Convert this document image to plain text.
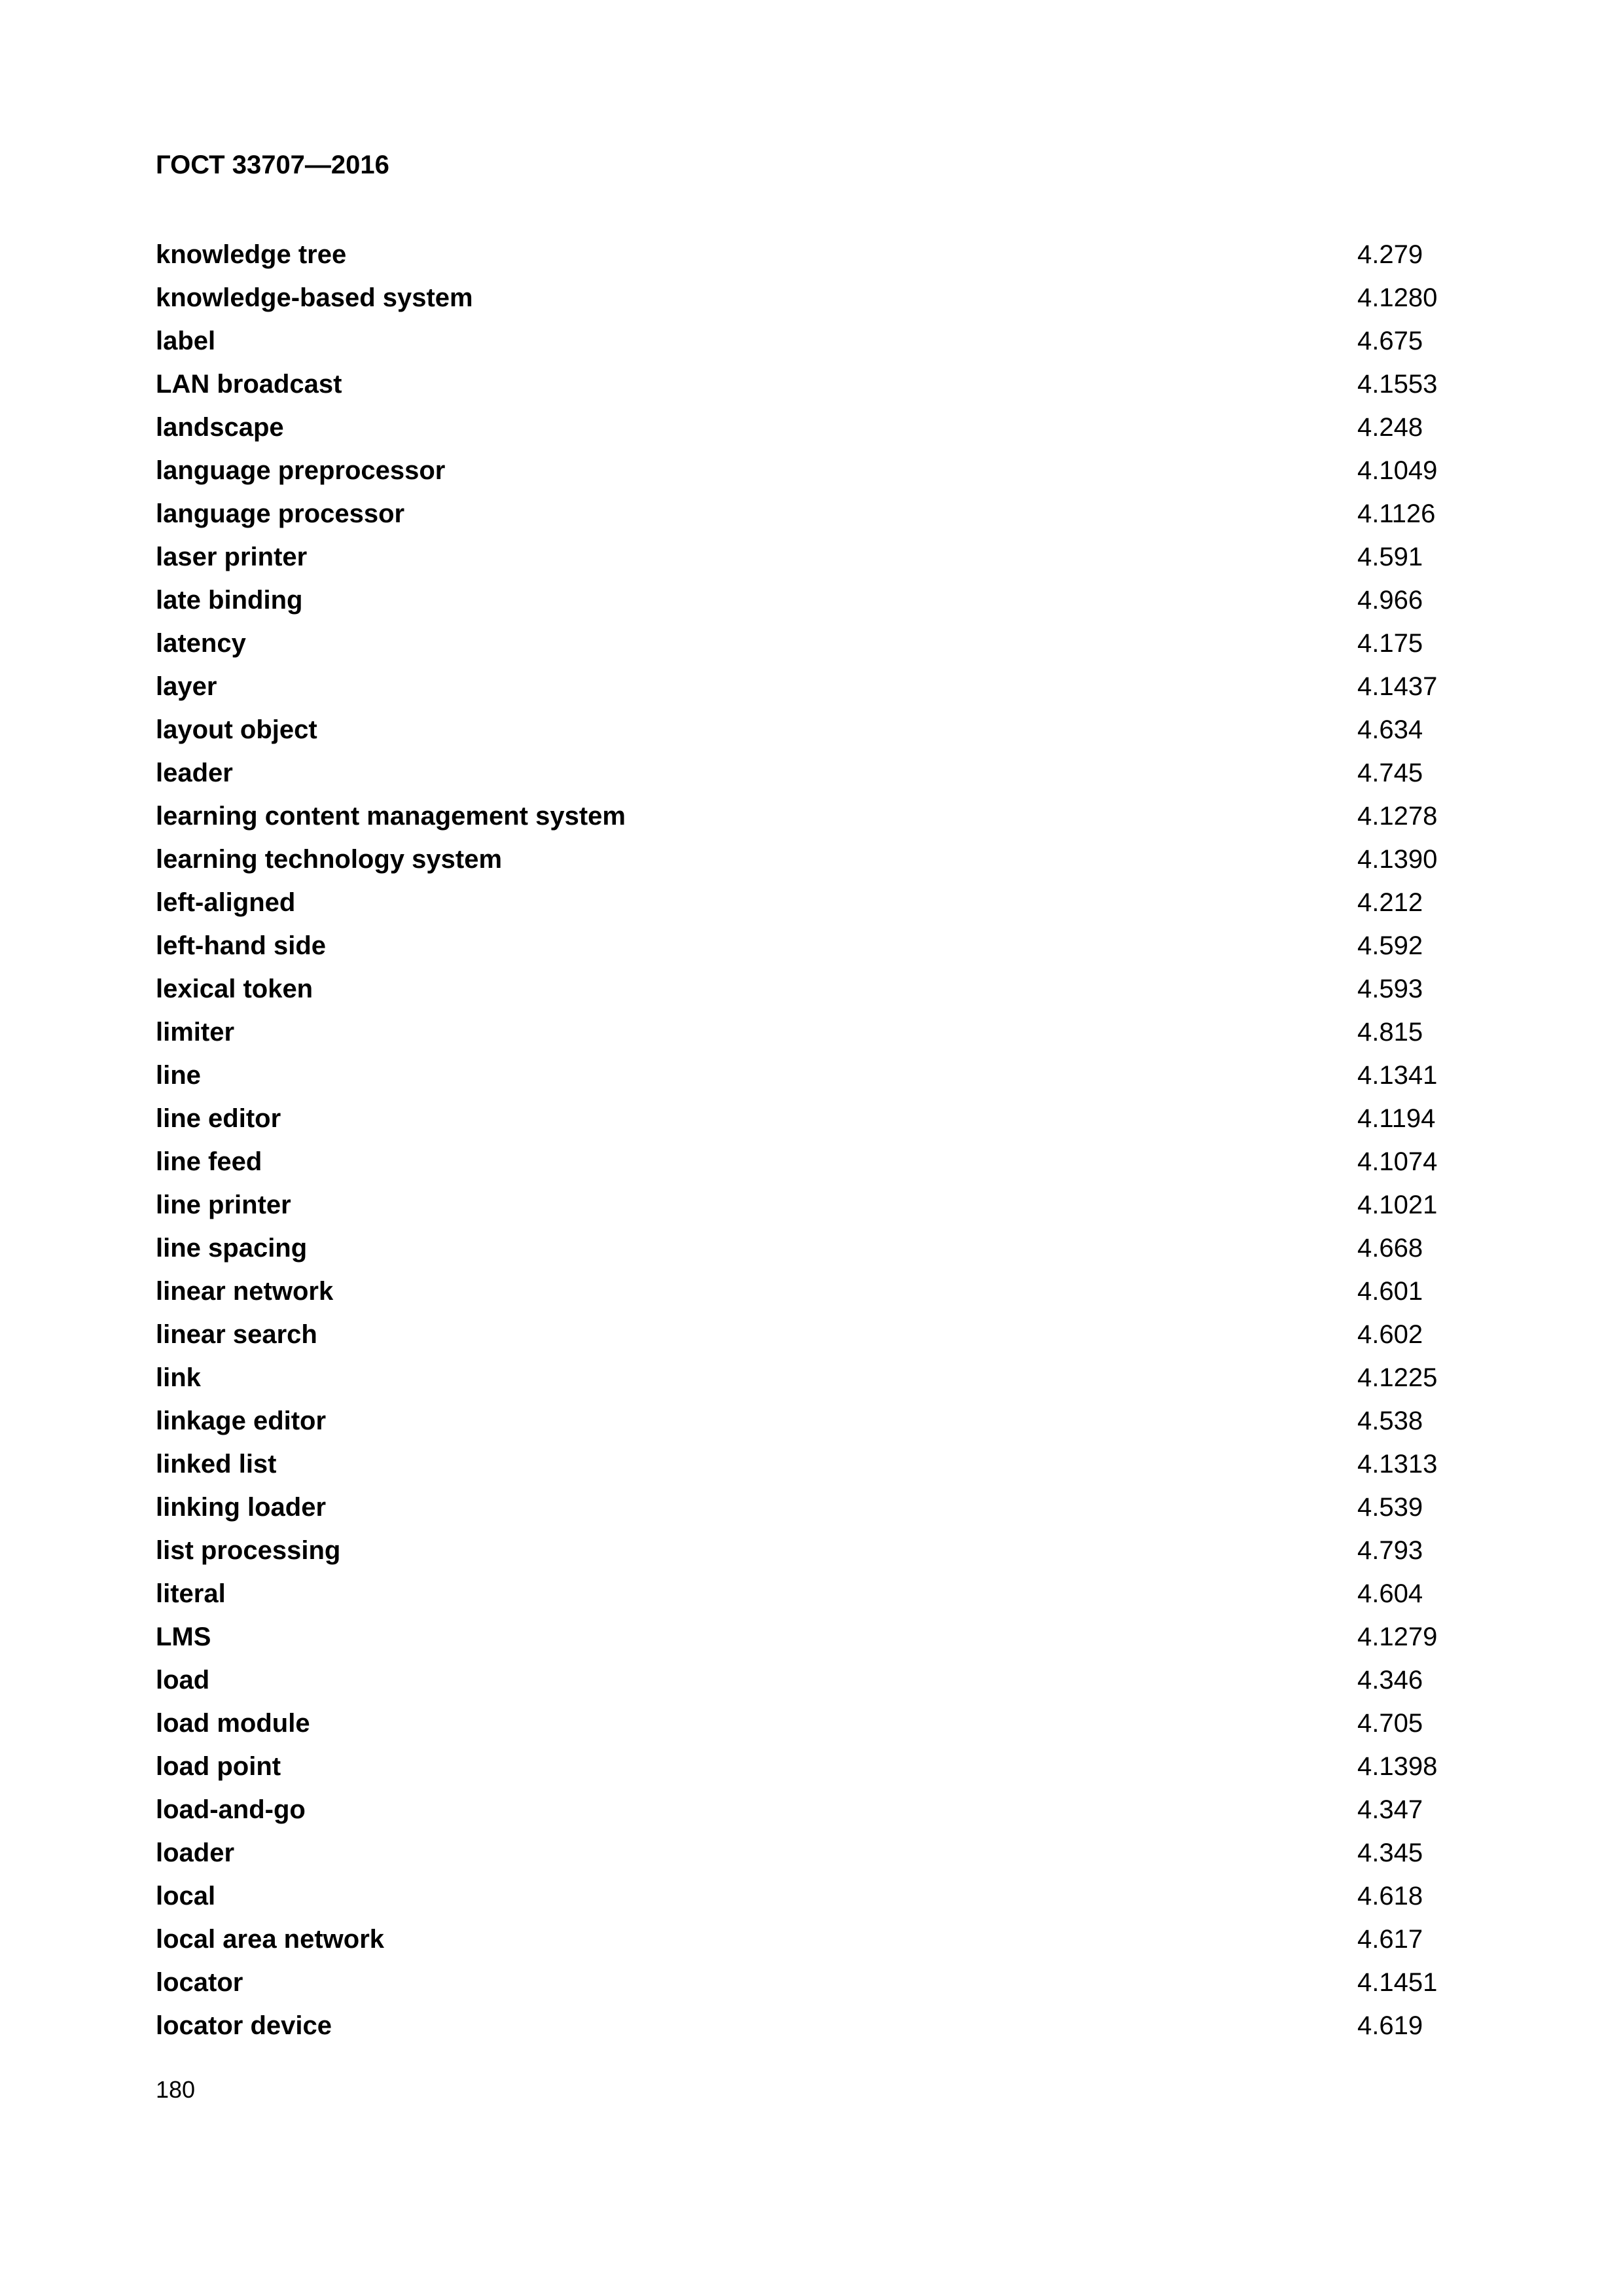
ГОСТ 33707—2016
knowledge tree	4.279
knowledge-based system	4.1280
label	4.675
LAN broadcast	4.1553
landscape	4.248
language preprocessor	4.1049
language processor	4.1126
laser printer	4.591
late binding	4.966
latency	4.175
layer	4.1437
layout object	4.634
leader	4.745
learning content management system	4.1278
learning technology system	4.1390
left-aligned	4.212
left-hand side	4.592
lexical token	4.593
limiter	4.815
line	4.1341
line editor	4.1194
line feed	4.1074
line printer	4.1021
line spacing	4.668
linear network	4.601
linear search	4.602
link	4.1225
linkage editor	4.538
linked list	4.1313
linking loader	4.539
list processing	4.793
literal	4.604
LMS	4.1279
load	4.346
load module	4.705
load point	4.1398
load-and-go	4.347
loader	4.345
local	4.618
local area network	4.617
locator	4.1451
locator device	4.619
180
